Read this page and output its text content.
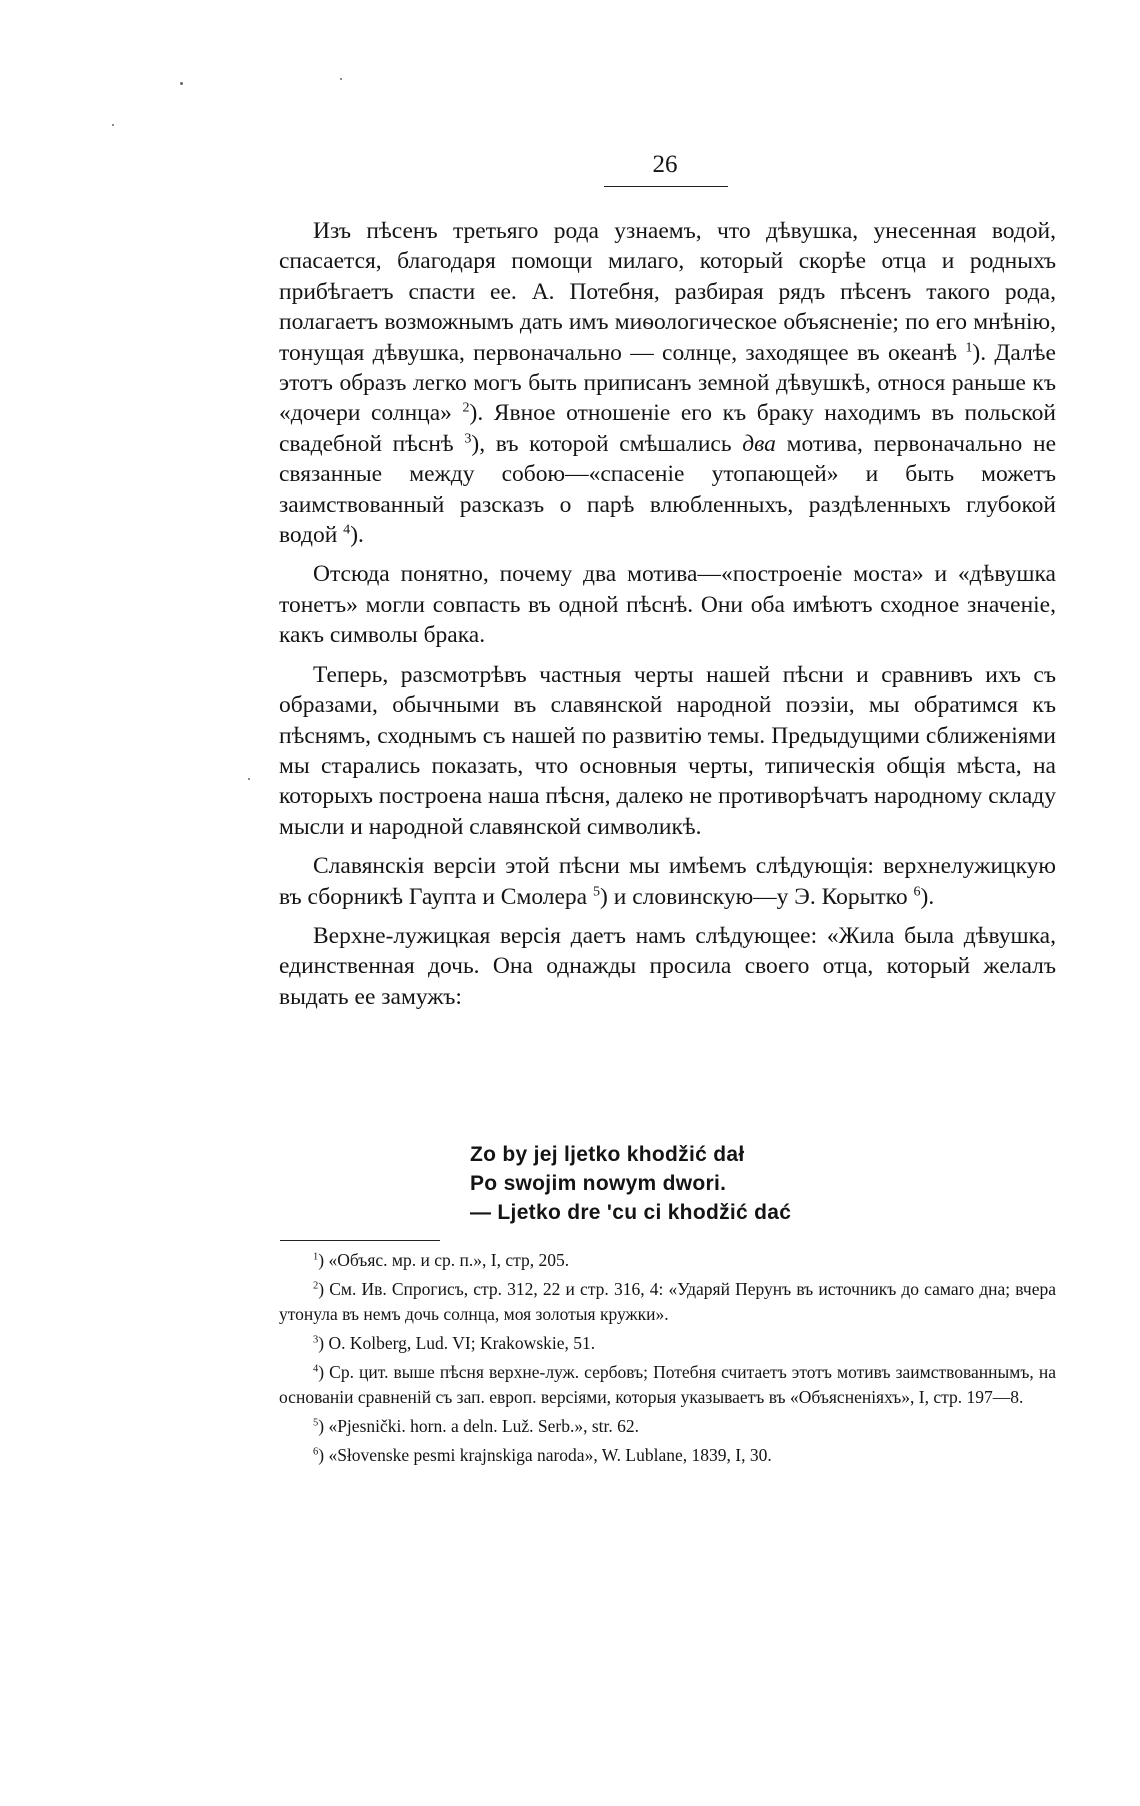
26

Изъ пѣсенъ третьяго рода узнаемъ, что дѣвушка, унесенная водой, спасается, благодаря помощи милаго, который скорѣе отца и родныхъ прибѣгаетъ спасти ее. А. Потебня, разбирая рядъ пѣсенъ такого рода, полагаетъ возможнымъ дать имъ миѳологическое объясненіе; по его мнѣнію, тонущая дѣвушка, первоначально — солнце, заходящее въ океанѣ $^1$). Далѣе этотъ образъ легко могъ быть приписанъ земной дѣвушкѣ, относя раньше къ «дочери солнца» $^2$). Явное отношеніе его къ браку находимъ въ польской свадебной пѣснѣ $^3$), въ которой смѣшались два мотива, первоначально не связанные между собою—«спасеніе утопающей» и быть можетъ заимствованный разсказъ о парѣ влюбленныхъ, раздѣленныхъ глубокой водой $^4$).

Отсюда понятно, почему два мотива—«построеніе моста» и «дѣвушка тонетъ» могли совпасть въ одной пѣснѣ. Они оба имѣютъ сходное значеніе, какъ символы брака.

Теперь, разсмотрѣвъ частныя черты нашей пѣсни и сравнивъ ихъ съ образами, обычными въ славянской народной поэзіи, мы обратимся къ пѣснямъ, сходнымъ съ нашей по развитію темы. Предыдущими сближеніями мы старались показать, что основныя черты, типическія общія мѣста, на которыхъ построена наша пѣсня, далеко не противорѣчатъ народному складу мысли и народной славянской символикѣ.

Славянскія версіи этой пѣсни мы имѣемъ слѣдующія: верхнелужицкую въ сборникѣ Гаупта и Смолера $^5$) и словинскую—у Э. Корытко $^6$).

Верхне-лужицкая версія даетъ намъ слѣдующее: «Жила была дѣвушка, единственная дочь. Она однажды просила своего отца, который желалъ выдать ее замужъ:

Zo by jej ljetko khodžić dał
Po swojim nowym dwori.
— Ljetko dre 'cu ci khodžić dać
$^1$) «Объяс. мр. и ср. п.», I, стр, 205.
$^2$) См. Ив. Спрогисъ, стр. 312, 22 и стр. 316, 4: «Ударяй Перунъ въ источникъ до самаго дна; вчера утонула въ немъ дочь солнца, моя золотыя кружки».
$^3$) O. Kolberg, Lud. VI; Krakowskie, 51.
$^4$) Ср. цит. выше пѣсня верхне-луж. сербовъ; Потебня считаетъ этотъ мотивъ заимствованнымъ, на основаніи сравненій съ зап. европ. версіями, которыя указываетъ въ «Объясненіяхъ», I, стр. 197—8.
$^5$) «Pjesnički. horn. a deln. Luž. Serb.», str. 62.
$^6$) «Słovenske pesmi krajnskiga naroda», W. Lublane, 1839, I, 30.
